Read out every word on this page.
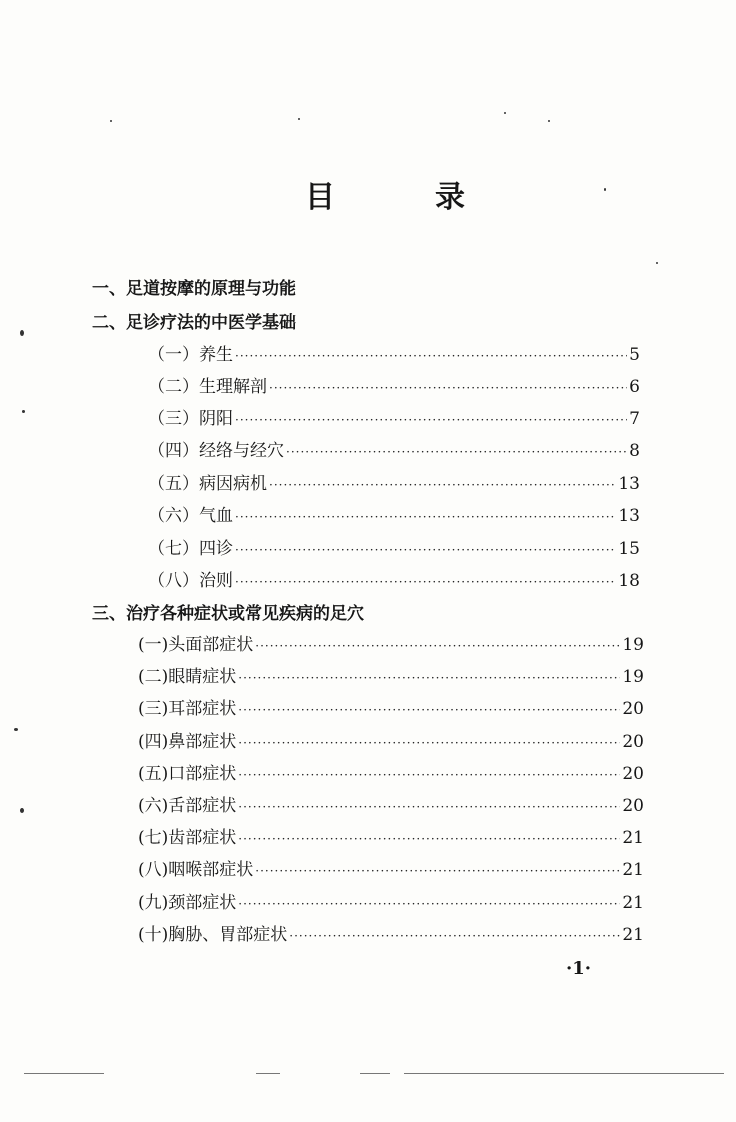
目	录
一、足道按摩的原理与功能
二、足诊疗法的中医学基础
（一）养生 ·····	5
（二）生理解剖 ·····	6
（三）阴阳 ·····	7
（四）经络与经穴 ·····	8
（五）病因病机 ·····	13
（六）气血 ·····	13
（七）四诊 ·····	15
（八）治则 ·····	18
三、治疗各种症状或常见疾病的足穴
(一)头面部症状 ·····	19
(二)眼睛症状 ·····	19
(三)耳部症状 ·····	20
(四)鼻部症状 ·····	20
(五)口部症状 ·····	20
(六)舌部症状 ·····	20
(七)齿部症状 ·····	21
(八)咽喉部症状 ·····	21
(九)颈部症状 ·····	21
(十)胸胁、胃部症状 ·····	21
·1·
